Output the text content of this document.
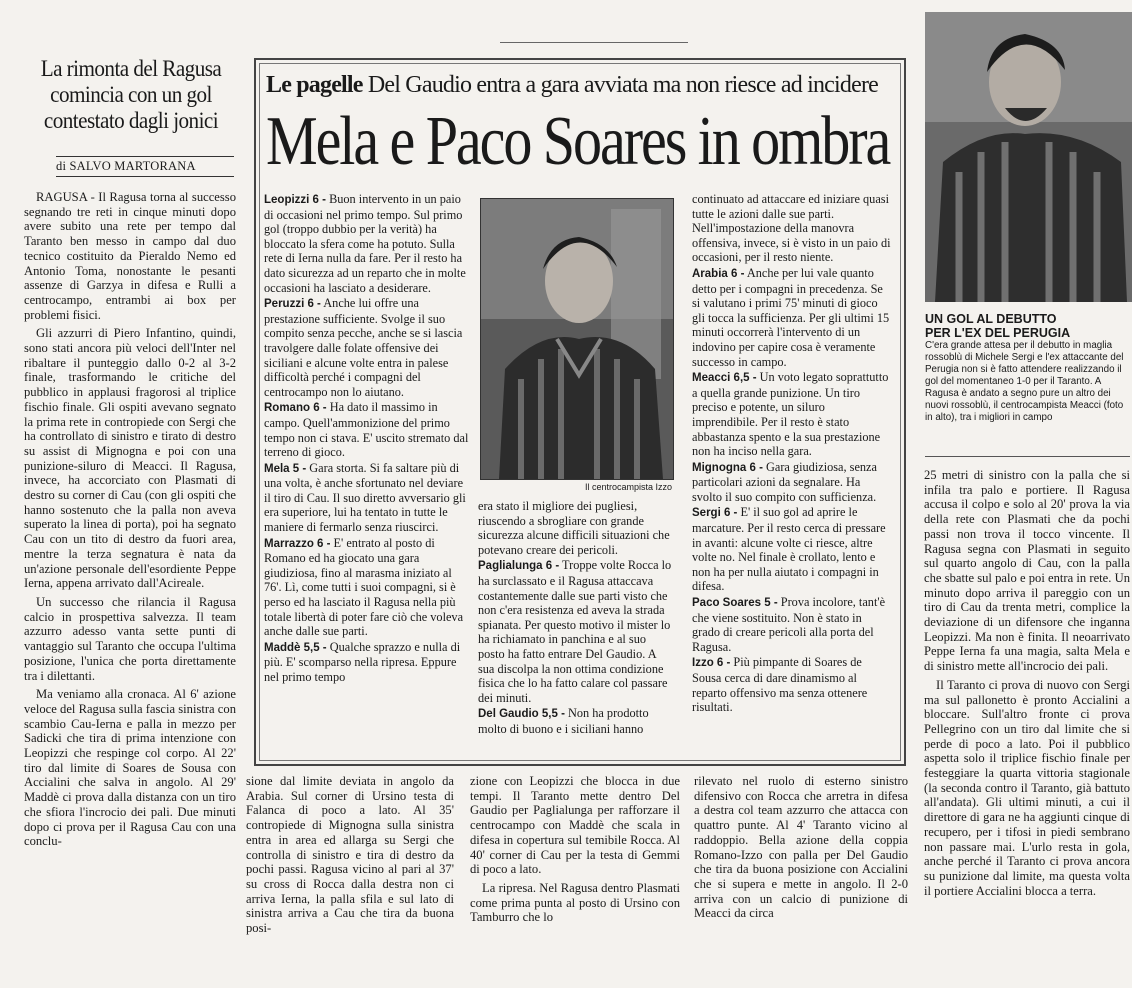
La rimonta del Ragusa
comincia con un gol
contestato dagli jonici
di SALVO MARTORANA

RAGUSA - Il Ragusa torna al successo segnando tre reti in cinque minuti dopo avere subito una rete per tempo dal Taranto ben messo in campo dal duo tecnico costituito da Pieraldo Nemo ed Antonio Toma, nonostante le pesanti assenze di Garzya in difesa e Rulli a centrocampo, entrambi ai box per problemi fisici.

Gli azzurri di Piero Infantino, quindi, sono stati ancora più veloci dell'Inter nel ribaltare il punteggio dallo 0-2 al 3-2 finale, trasformando le critiche del pubblico in applausi fragorosi al triplice fischio finale. Gli ospiti avevano segnato la prima rete in contropiede con Sergi che ha controllato di sinistro e tirato di destro su assist di Mignogna e poi con una punizione-siluro di Meacci. Il Ragusa, invece, ha accorciato con Plasmati di destro su corner di Cau (con gli ospiti che hanno sostenuto che la palla non aveva superato la linea di porta), poi ha segnato Cau con un tito di destro da fuori area, mentre la terza segnatura è nata da un'azione personale dell'esordiente Peppe Ierna, appena arrivato dall'Acireale.

Un successo che rilancia il Ragusa calcio in prospettiva salvezza. Il team azzurro adesso vanta sette punti di vantaggio sul Taranto che occupa l'ultima posizione, l'unica che porta direttamente tra i dilettanti.

Ma veniamo alla cronaca. Al 6' azione veloce del Ragusa sulla fascia sinistra con scambio Cau-Ierna e palla in mezzo per Sadicki che tira di prima intenzione con Leopizzi che respinge col corpo. Al 22' tiro dal limite di Soares de Sousa con Accialini che salva in angolo. Al 29' Maddè ci prova dalla distanza con un tiro che sfiora l'incrocio dei pali. Due minuti dopo ci prova per il Ragusa Cau con una conclu-

Le pagelle Del Gaudio entra a gara avviata ma non riesce ad incidere
Mela e Paco Soares in ombra

Leopizzi 6 - Buon intervento in un paio di occasioni nel primo tempo. Sul primo gol (troppo dubbio per la verità) ha bloccato la sfera come ha potuto. Sulla rete di Ierna nulla da fare. Per il resto ha dato sicurezza ad un reparto che in molte occasioni ha lasciato a desiderare.

Peruzzi 6 - Anche lui offre una prestazione sufficiente. Svolge il suo compito senza pecche, anche se si lascia travolgere dalle folate offensive dei siciliani e alcune volte entra in palese difficoltà perché i compagni del centrocampo non lo aiutano.

Romano 6 - Ha dato il massimo in campo. Quell'ammonizione del primo tempo non ci stava. E' uscito stremato dal terreno di gioco.

Mela 5 - Gara storta. Si fa saltare più di una volta, è anche sfortunato nel deviare il tiro di Cau. Il suo diretto avversario gli era superiore, lui ha tentato in tutte le maniere di fermarlo senza riuscirci.

Marrazzo 6 - E' entrato al posto di Romano ed ha giocato una gara giudiziosa, fino al marasma iniziato al 76'. Lì, come tutti i suoi compagni, si è perso ed ha lasciato il Ragusa nella più totale libertà di poter fare ciò che voleva anche dalle sue parti.

Maddè 5,5 - Qualche sprazzo e nulla di più. E' scomparso nella ripresa. Eppure nel primo tempo

Il centrocampista Izzo

era stato il migliore dei pugliesi, riuscendo a sbrogliare con grande sicurezza alcune difficili situazioni che potevano creare dei pericoli.

Paglialunga 6 - Troppe volte Rocca lo ha surclassato e il Ragusa attaccava costantemente dalle sue parti visto che non c'era resistenza ed aveva la strada spianata. Per questo motivo il mister lo ha richiamato in panchina e al suo posto ha fatto entrare Del Gaudio. A sua discolpa la non ottima condizione fisica che lo ha fatto calare col passare dei minuti.

Del Gaudio 5,5 - Non ha prodotto molto di buono e i siciliani hanno

continuato ad attaccare ed iniziare quasi tutte le azioni dalle sue parti. Nell'impostazione della manovra offensiva, invece, si è visto in un paio di occasioni, per il resto niente.

Arabia 6 - Anche per lui vale quanto detto per i compagni in precedenza. Se si valutano i primi 75' minuti di gioco gli tocca la sufficienza. Per gli ultimi 15 minuti occorrerà l'intervento di un indovino per capire cosa è veramente successo in campo.

Meacci 6,5 - Un voto legato soprattutto a quella grande punizione. Un tiro preciso e potente, un siluro imprendibile. Per il resto è stato abbastanza spento e la sua prestazione non ha inciso nella gara.

Mignogna 6 - Gara giudiziosa, senza particolari azioni da segnalare. Ha svolto il suo compito con sufficienza.

Sergi 6 - E' il suo gol ad aprire le marcature. Per il resto cerca di pressare in avanti: alcune volte ci riesce, altre volte no. Nel finale è crollato, lento e non ha per nulla aiutato i compagni in difesa.

Paco Soares 5 - Prova incolore, tant'è che viene sostituito. Non è stato in grado di creare pericoli alla porta del Ragusa.

Izzo 6 - Più pimpante di Soares de Sousa cerca di dare dinamismo al reparto offensivo ma senza ottenere risultati.

sione dal limite deviata in angolo da Arabia. Sul corner di Ursino testa di Falanca di poco a lato. Al 35' contropiede di Mignogna sulla sinistra entra in area ed allarga su Sergi che controlla di sinistro e tira di destro da pochi passi. Ragusa vicino al pari al 37' su cross di Rocca dalla destra non ci arriva Ierna, la palla sfila e sul lato di sinistra arriva a Cau che tira da buona posi-

zione con Leopizzi che blocca in due tempi. Il Taranto mette dentro Del Gaudio per Paglialunga per rafforzare il centrocampo con Maddè che scala in difesa in copertura sul temibile Rocca. Al 40' corner di Cau per la testa di Gemmi di poco a lato.

La ripresa. Nel Ragusa dentro Plasmati come prima punta al posto di Ursino con Tamburro che lo

rilevato nel ruolo di esterno sinistro difensivo con Rocca che arretra in difesa a destra col team azzurro che attacca con quattro punte. Al 4' Taranto vicino al raddoppio. Bella azione della coppia Romano-Izzo con palla per Del Gaudio che tira da buona posizione con Accialini che si supera e mette in angolo. Il 2-0 arriva con un calcio di punizione di Meacci da circa

UN GOL AL DEBUTTO
PER L'EX DEL PERUGIA
C'era grande attesa per il debutto in maglia rossoblù di Michele Sergi e l'ex attaccante del Perugia non si è fatto attendere realizzando il gol del momentaneo 1-0 per il Taranto. A Ragusa è andato a segno pure un altro dei nuovi rossoblù, il centrocampista Meacci (foto in alto), tra i migliori in campo

25 metri di sinistro con la palla che si infila tra palo e portiere. Il Ragusa accusa il colpo e solo al 20' prova la via della rete con Plasmati che da pochi passi non trova il tocco vincente. Il Ragusa segna con Plasmati in seguito sul quarto angolo di Cau, con la palla che sbatte sul palo e poi entra in rete. Un minuto dopo arriva il pareggio con un tiro di Cau da trenta metri, complice la deviazione di un difensore che inganna Leopizzi. Ma non è finita. Il neoarrivato Peppe Ierna fa una magia, salta Mela e di sinistro mette all'incrocio dei pali.

Il Taranto ci prova di nuovo con Sergi ma sul pallonetto è pronto Accialini a bloccare. Sull'altro fronte ci prova Pellegrino con un tiro dal limite che si perde di poco a lato. Poi il pubblico aspetta solo il triplice fischio finale per festeggiare la quarta vittoria stagionale (la seconda contro il Taranto, già battuto all'andata). Gli ultimi minuti, a cui il direttore di gara ne ha aggiunti cinque di recupero, per i tifosi in piedi sembrano non passare mai. L'urlo resta in gola, anche perché il Taranto ci prova ancora su punizione dal limite, ma questa volta il portiere Accialini blocca a terra.
